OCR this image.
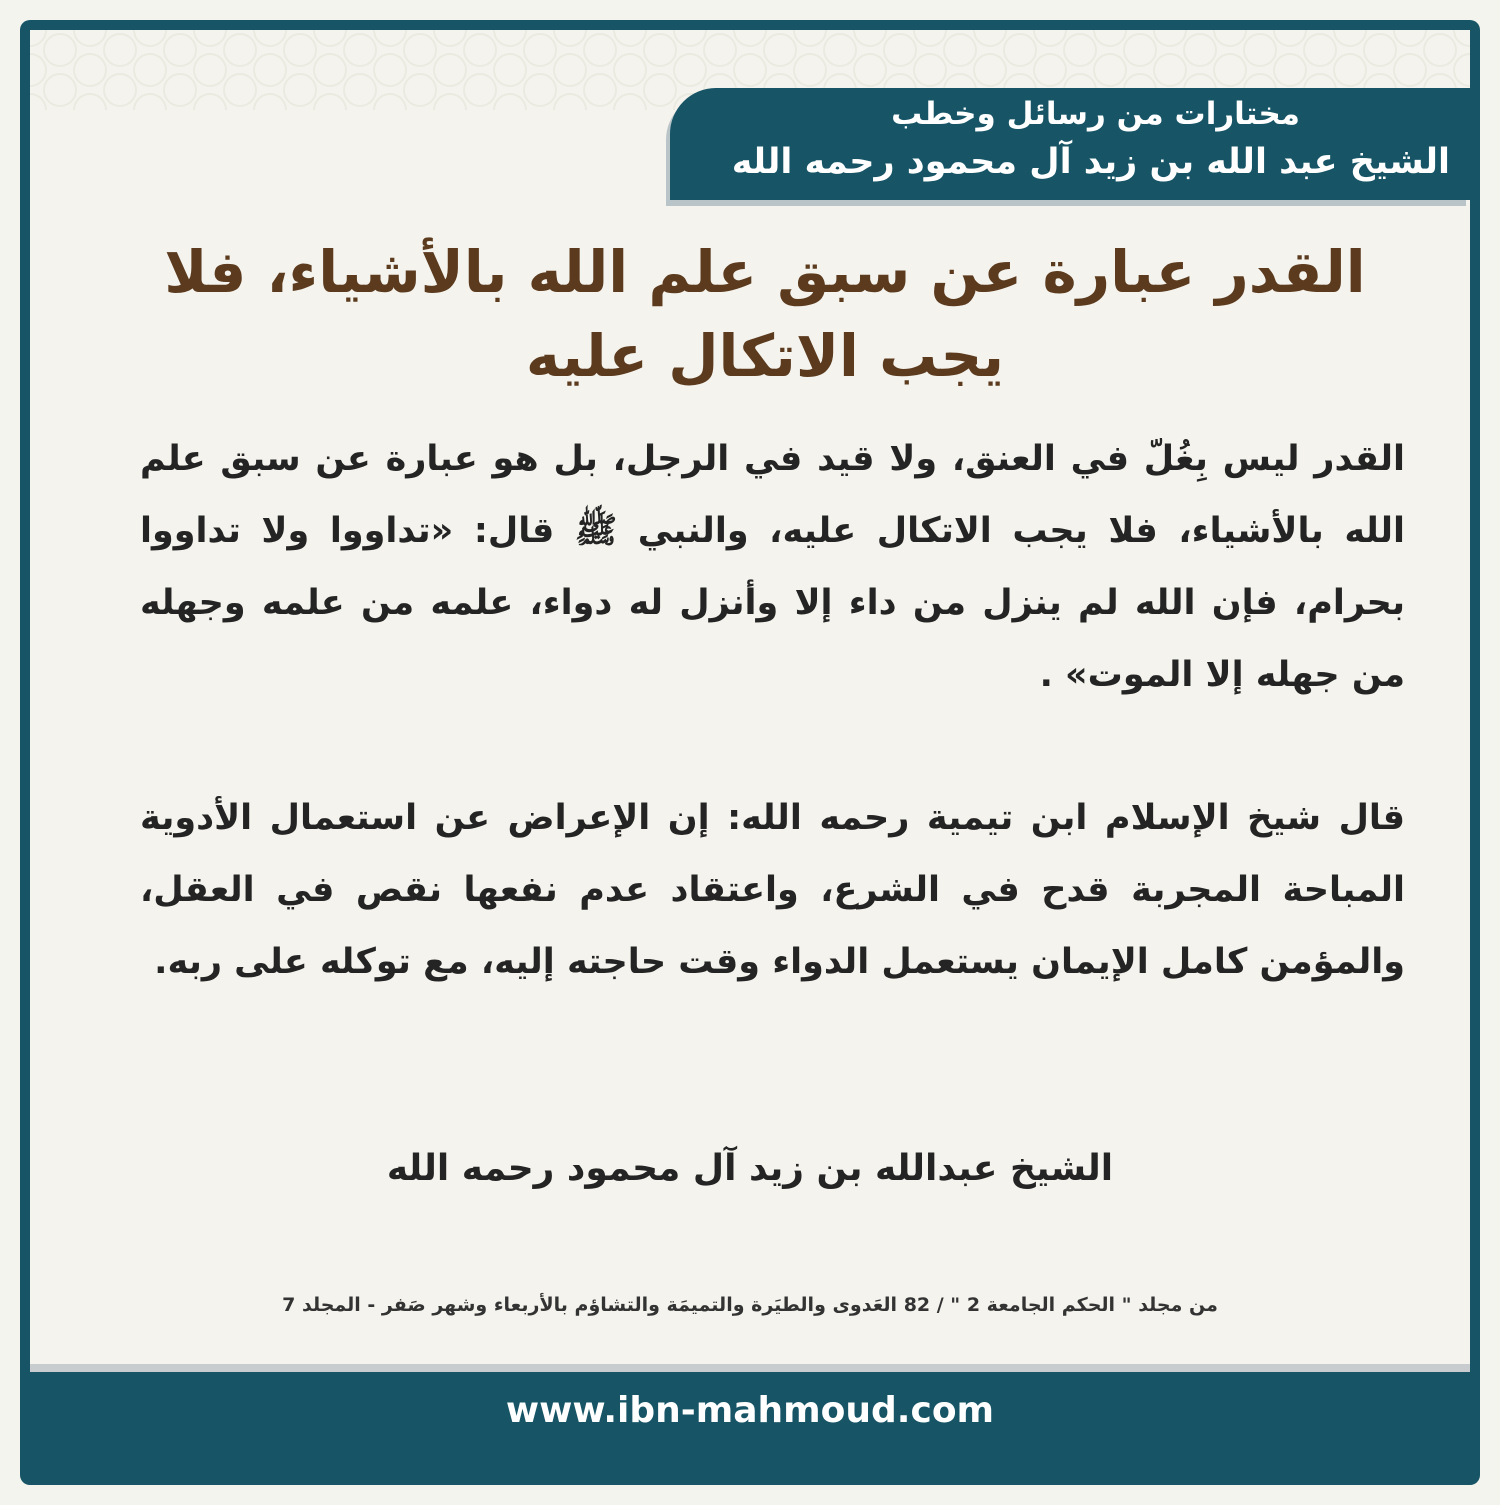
مختارات من رسائل وخطب
الشيخ عبد الله بن زيد آل محمود رحمه الله
القدر عبارة عن سبق علم الله بالأشياء، فلا يجب الاتكال عليه

القدر ليس بِغُلّ في العنق، ولا قيد في الرجل، بل هو عبارة عن سبق علم الله بالأشياء، فلا يجب الاتكال عليه، والنبي ﷺ قال: «تداووا ولا تداووا بحرام، فإن الله لم ينزل من داء إلا وأنزل له دواء، علمه من علمه وجهله من جهله إلا الموت» .

قال شيخ الإسلام ابن تيمية رحمه الله: إن الإعراض عن استعمال الأدوية المباحة المجربة قدح في الشرع، واعتقاد عدم نفعها نقص في العقل، والمؤمن كامل الإيمان يستعمل الدواء وقت حاجته إليه، مع توكله على ربه.

الشيخ عبدالله بن زيد آل محمود رحمه الله
من مجلد " الحكم الجامعة 2 " / 82 العَدوى والطيَرة والتميمَة والتشاؤم بالأربعاء وشهر صَفر - المجلد 7
www.ibn-mahmoud.com
